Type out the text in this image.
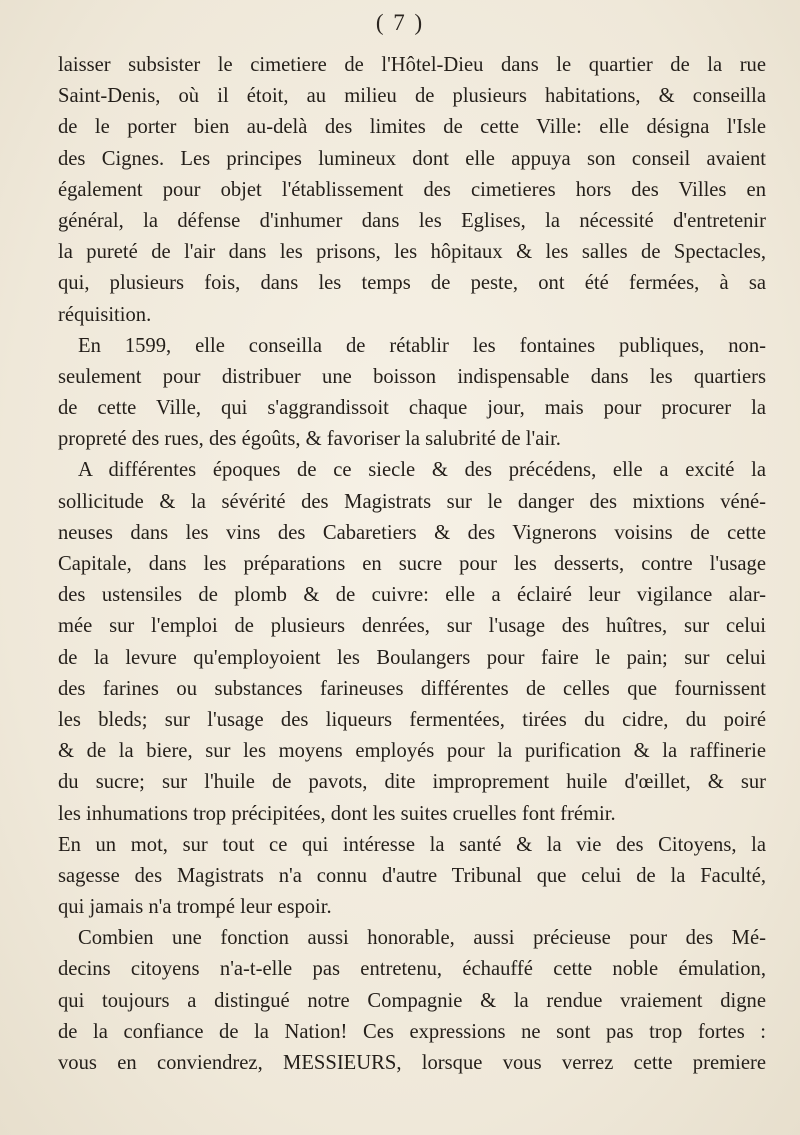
( 7 )
laisser subsister le cimetiere de l'Hôtel-Dieu dans le quartier de la rue
Saint-Denis, où il étoit, au milieu de plusieurs habitations, & conseilla
de le porter bien au-delà des limites de cette Ville: elle désigna l'Isle
des Cignes. Les principes lumineux dont elle appuya son conseil avaient
également pour objet l'établissement des cimetieres hors des Villes en
général, la défense d'inhumer dans les Eglises, la nécessité d'entretenir
la pureté de l'air dans les prisons, les hôpitaux & les salles de Spectacles,
qui, plusieurs fois, dans les temps de peste, ont été fermées, à sa
réquisition.
En 1599, elle conseilla de rétablir les fontaines publiques, non-
seulement pour distribuer une boisson indispensable dans les quartiers
de cette Ville, qui s'aggrandissoit chaque jour, mais pour procurer la
propreté des rues, des égoûts, & favoriser la salubrité de l'air.
A différentes époques de ce siecle & des précédens, elle a excité la
sollicitude & la sévérité des Magistrats sur le danger des mixtions véné-
neuses dans les vins des Cabaretiers & des Vignerons voisins de cette
Capitale, dans les préparations en sucre pour les desserts, contre l'usage
des ustensiles de plomb & de cuivre: elle a éclairé leur vigilance alar-
mée sur l'emploi de plusieurs denrées, sur l'usage des huîtres, sur celui
de la levure qu'employoient les Boulangers pour faire le pain; sur celui
des farines ou substances farineuses différentes de celles que fournissent
les bleds; sur l'usage des liqueurs fermentées, tirées du cidre, du poiré
& de la biere, sur les moyens employés pour la purification & la raffinerie
du sucre; sur l'huile de pavots, dite improprement huile d'œillet, & sur
les inhumations trop précipitées, dont les suites cruelles font frémir.
En un mot, sur tout ce qui intéresse la santé & la vie des Citoyens, la
sagesse des Magistrats n'a connu d'autre Tribunal que celui de la Faculté,
qui jamais n'a trompé leur espoir.
Combien une fonction aussi honorable, aussi précieuse pour des Mé-
decins citoyens n'a-t-elle pas entretenu, échauffé cette noble émulation,
qui toujours a distingué notre Compagnie & la rendue vraiement digne
de la confiance de la Nation! Ces expressions ne sont pas trop fortes :
vous en conviendrez, MESSIEURS, lorsque vous verrez cette premiere
